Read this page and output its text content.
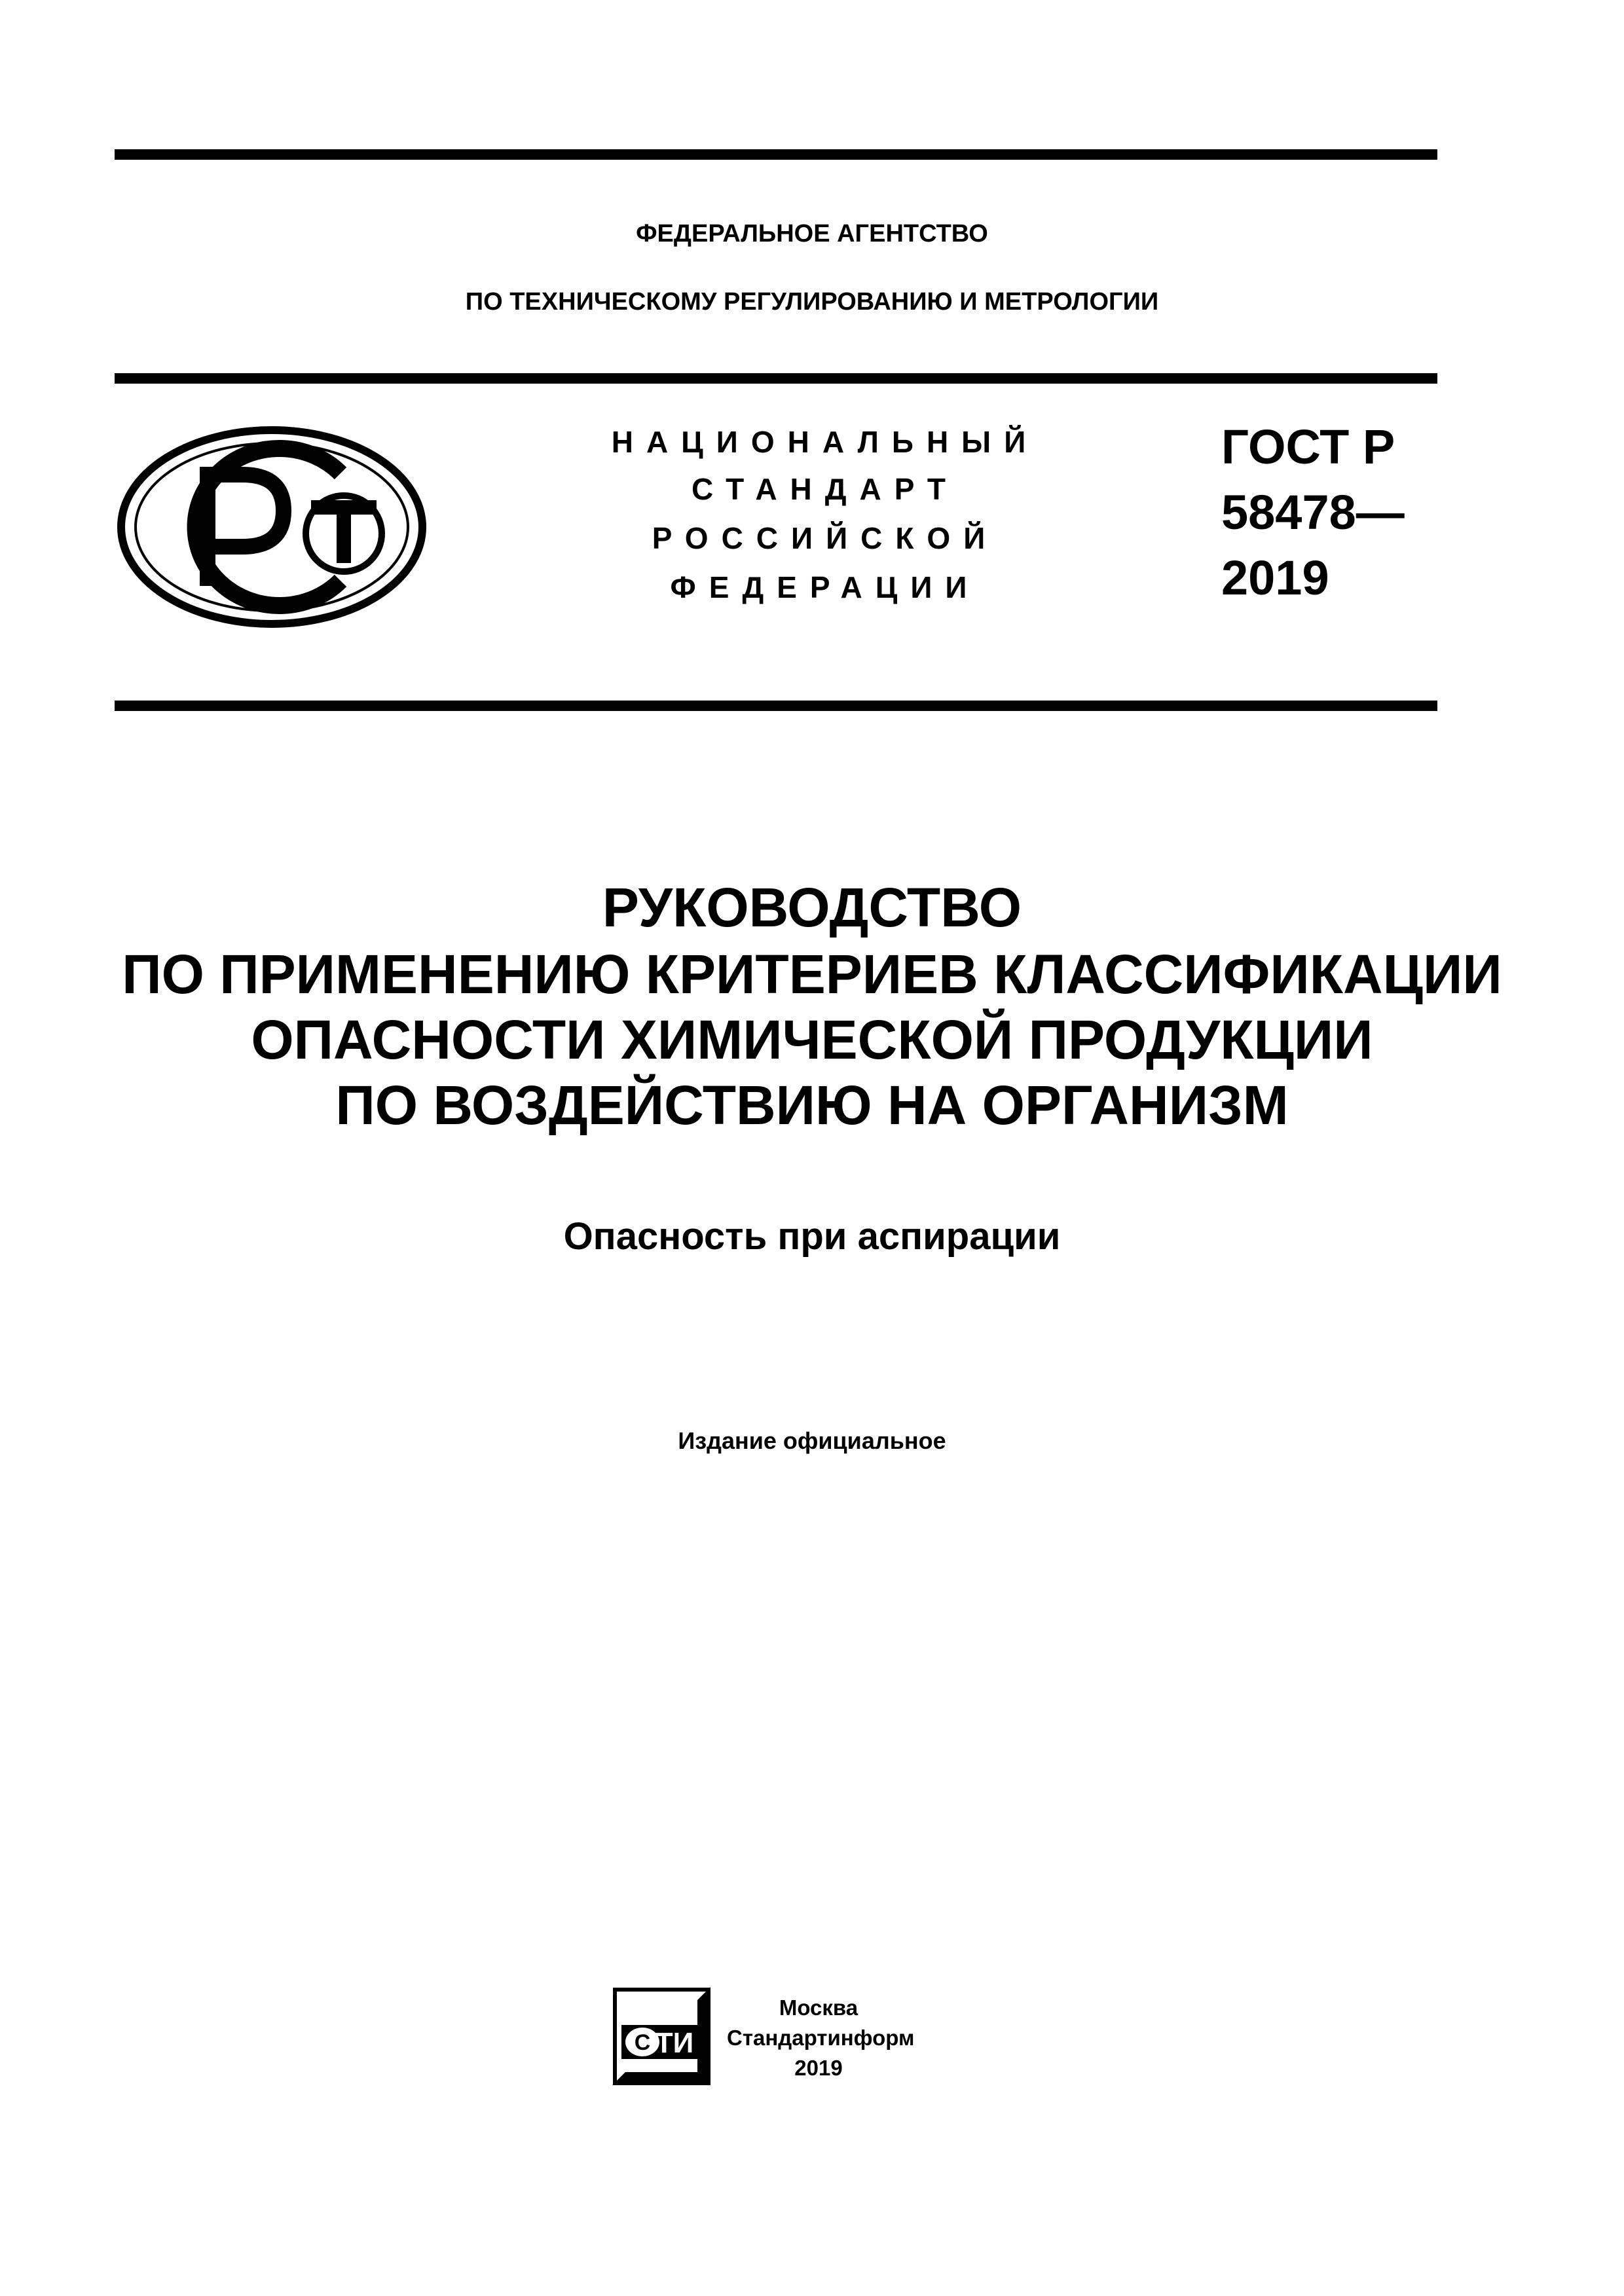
ФЕДЕРАЛЬНОЕ АГЕНТСТВО
ПО ТЕХНИЧЕСКОМУ РЕГУЛИРОВАНИЮ И МЕТРОЛОГИИ
НАЦИОНАЛЬНЫЙ
СТАНДАРТ
РОССИЙСКОЙ
ФЕДЕРАЦИИ
ГОСТ Р
58478—
2019
РУКОВОДСТВО
ПО ПРИМЕНЕНИЮ КРИТЕРИЕВ КЛАССИФИКАЦИИ
ОПАСНОСТИ ХИМИЧЕСКОЙ ПРОДУКЦИИ
ПО ВОЗДЕЙСТВИЮ НА ОРГАНИЗМ
Опасность при аспирации
Издание официальное
С ТИ
Москва
Стандартинформ
2019
